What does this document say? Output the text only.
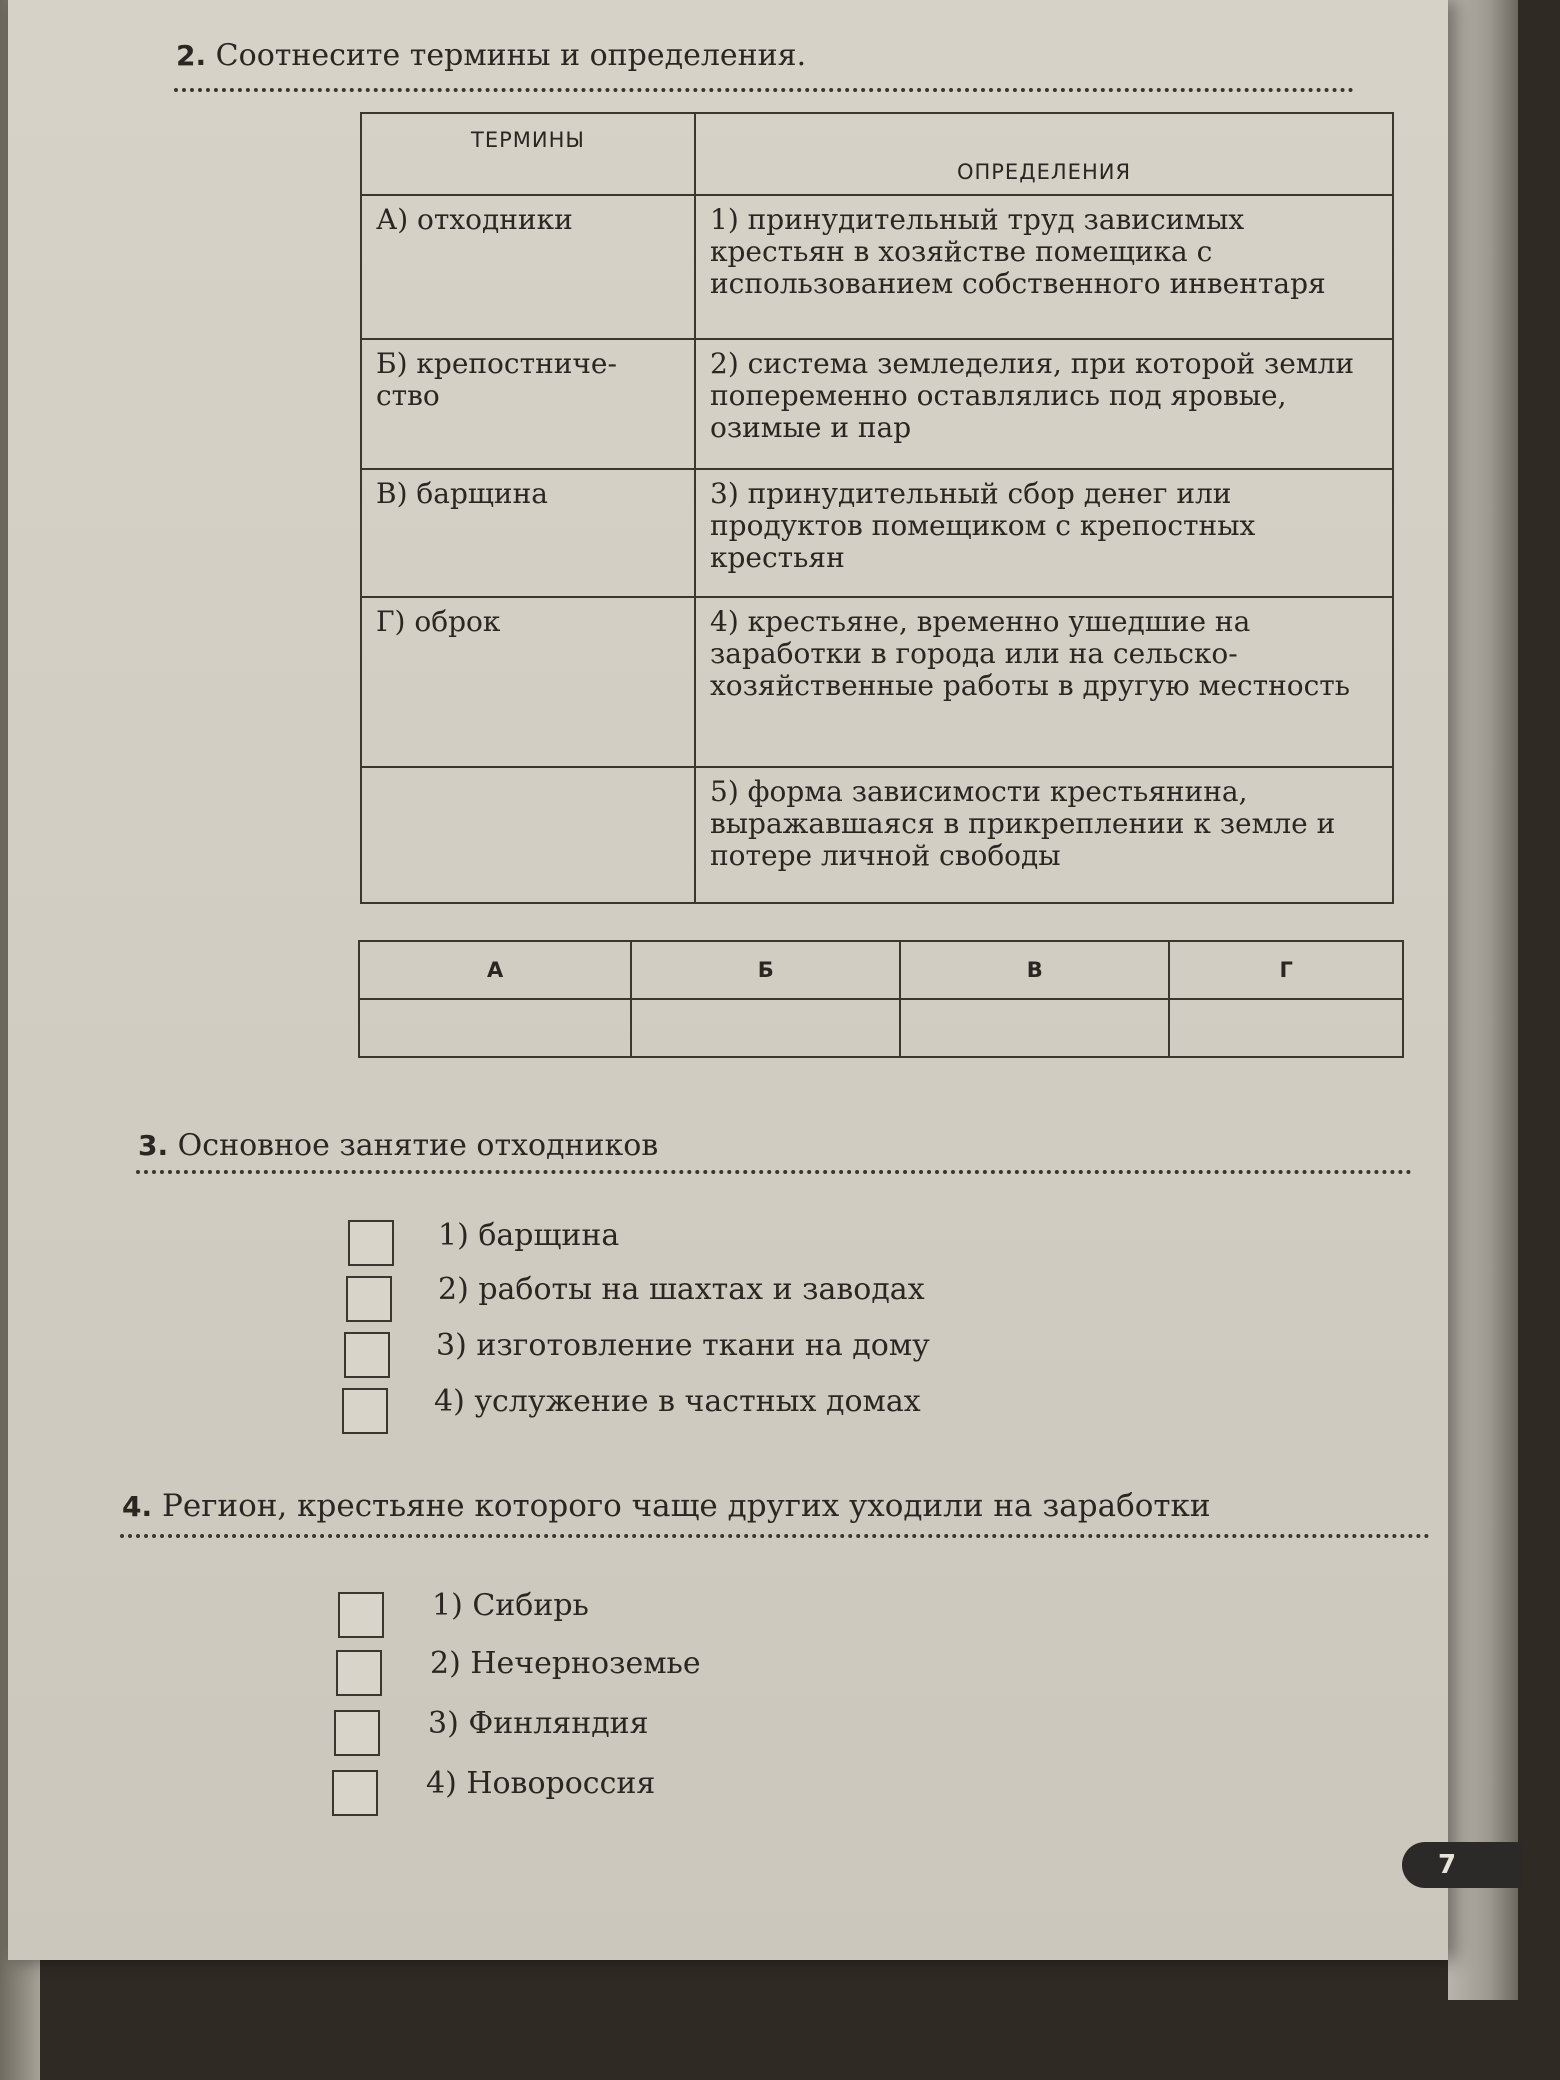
2. Соотнесите термины и определения.
ТЕРМИНЫ	ОПРЕДЕЛЕНИЯ
А) отходники	1) принудительный труд зависимых крестьян в хозяйстве помещика с использованием собственного инвентаря
Б) крепостниче-ство	2) система земледелия, при которой земли попеременно оставлялись под яровые, озимые и пар
В) барщина	3) принудительный сбор денег или продуктов помещиком с крепостных крестьян
Г) оброк	4) крестьяне, временно ушедшие на заработки в города или на сельско-хозяйственные работы в другую местность
	5) форма зависимости крестьянина, выражавшаяся в прикреплении к земле и потере личной свободы
А	Б	В	Г

3. Основное занятие отходников
1) барщина
2) работы на шахтах и заводах
3) изготовление ткани на дому
4) услужение в частных домах
4. Регион, крестьяне которого чаще других уходили на заработки
1) Сибирь
2) Нечерноземье
3) Финляндия
4) Новороссия
7
